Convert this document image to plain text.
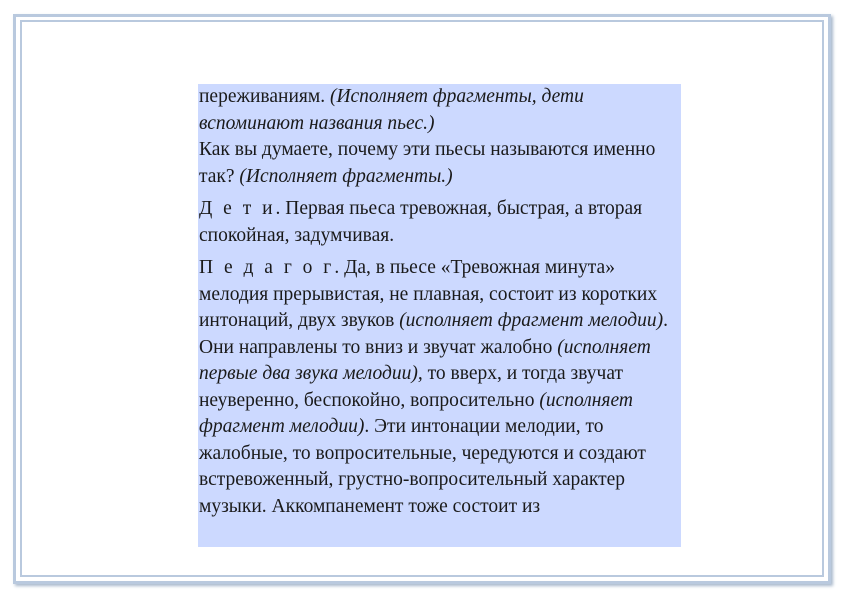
переживаниям. (Исполняет фрагменты, дети вспоминают названия пьес.)

Как вы думаете, почему эти пьесы называются именно так? (Исполняет фрагменты.)

Д е т и. Первая пьеса тревожная, быстрая, а вторая спокойная, задумчивая.

П е д а г о г. Да, в пьесе «Тревожная минута» мелодия прерывистая, не плавная, состоит из коротких интонаций, двух звуков (исполняет фрагмент мелодии). Они направлены то вниз и звучат жалобно (исполняет первые два звука мелодии), то вверх, и тогда звучат неуверенно, беспокойно, вопросительно (исполняет фрагмент мелодии). Эти интонации мелодии, то жалобные, то вопросительные, чередуются и создают встревоженный, грустно-вопросительный характер музыки. Аккомпанемент тоже состоит из
